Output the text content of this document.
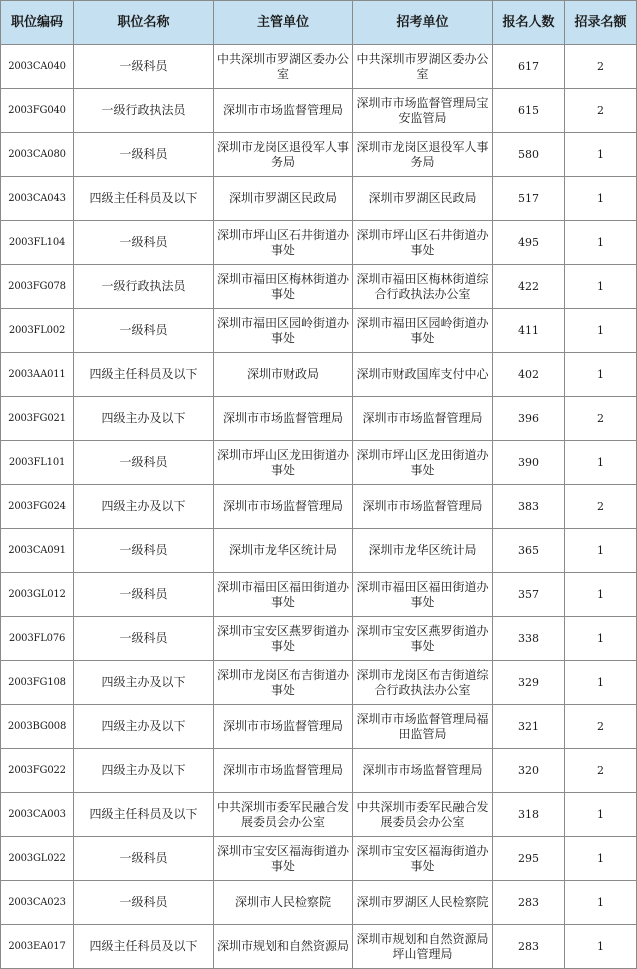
职位编码	职位名称	主管单位	招考单位	报名人数	招录名额
2003CA040	一级科员	中共深圳市罗湖区委办公室	中共深圳市罗湖区委办公室	617	2
2003FG040	一级行政执法员	深圳市市场监督管理局	深圳市市场监督管理局宝安监管局	615	2
2003CA080	一级科员	深圳市龙岗区退役军人事务局	深圳市龙岗区退役军人事务局	580	1
2003CA043	四级主任科员及以下	深圳市罗湖区民政局	深圳市罗湖区民政局	517	1
2003FL104	一级科员	深圳市坪山区石井街道办事处	深圳市坪山区石井街道办事处	495	1
2003FG078	一级行政执法员	深圳市福田区梅林街道办事处	深圳市福田区梅林街道综合行政执法办公室	422	1
2003FL002	一级科员	深圳市福田区园岭街道办事处	深圳市福田区园岭街道办事处	411	1
2003AA011	四级主任科员及以下	深圳市财政局	深圳市财政国库支付中心	402	1
2003FG021	四级主办及以下	深圳市市场监督管理局	深圳市市场监督管理局	396	2
2003FL101	一级科员	深圳市坪山区龙田街道办事处	深圳市坪山区龙田街道办事处	390	1
2003FG024	四级主办及以下	深圳市市场监督管理局	深圳市市场监督管理局	383	2
2003CA091	一级科员	深圳市龙华区统计局	深圳市龙华区统计局	365	1
2003GL012	一级科员	深圳市福田区福田街道办事处	深圳市福田区福田街道办事处	357	1
2003FL076	一级科员	深圳市宝安区燕罗街道办事处	深圳市宝安区燕罗街道办事处	338	1
2003FG108	四级主办及以下	深圳市龙岗区布吉街道办事处	深圳市龙岗区布吉街道综合行政执法办公室	329	1
2003BG008	四级主办及以下	深圳市市场监督管理局	深圳市市场监督管理局福田监管局	321	2
2003FG022	四级主办及以下	深圳市市场监督管理局	深圳市市场监督管理局	320	2
2003CA003	四级主任科员及以下	中共深圳市委军民融合发展委员会办公室	中共深圳市委军民融合发展委员会办公室	318	1
2003GL022	一级科员	深圳市宝安区福海街道办事处	深圳市宝安区福海街道办事处	295	1
2003CA023	一级科员	深圳市人民检察院	深圳市罗湖区人民检察院	283	1
2003EA017	四级主任科员及以下	深圳市规划和自然资源局	深圳市规划和自然资源局坪山管理局	283	1
